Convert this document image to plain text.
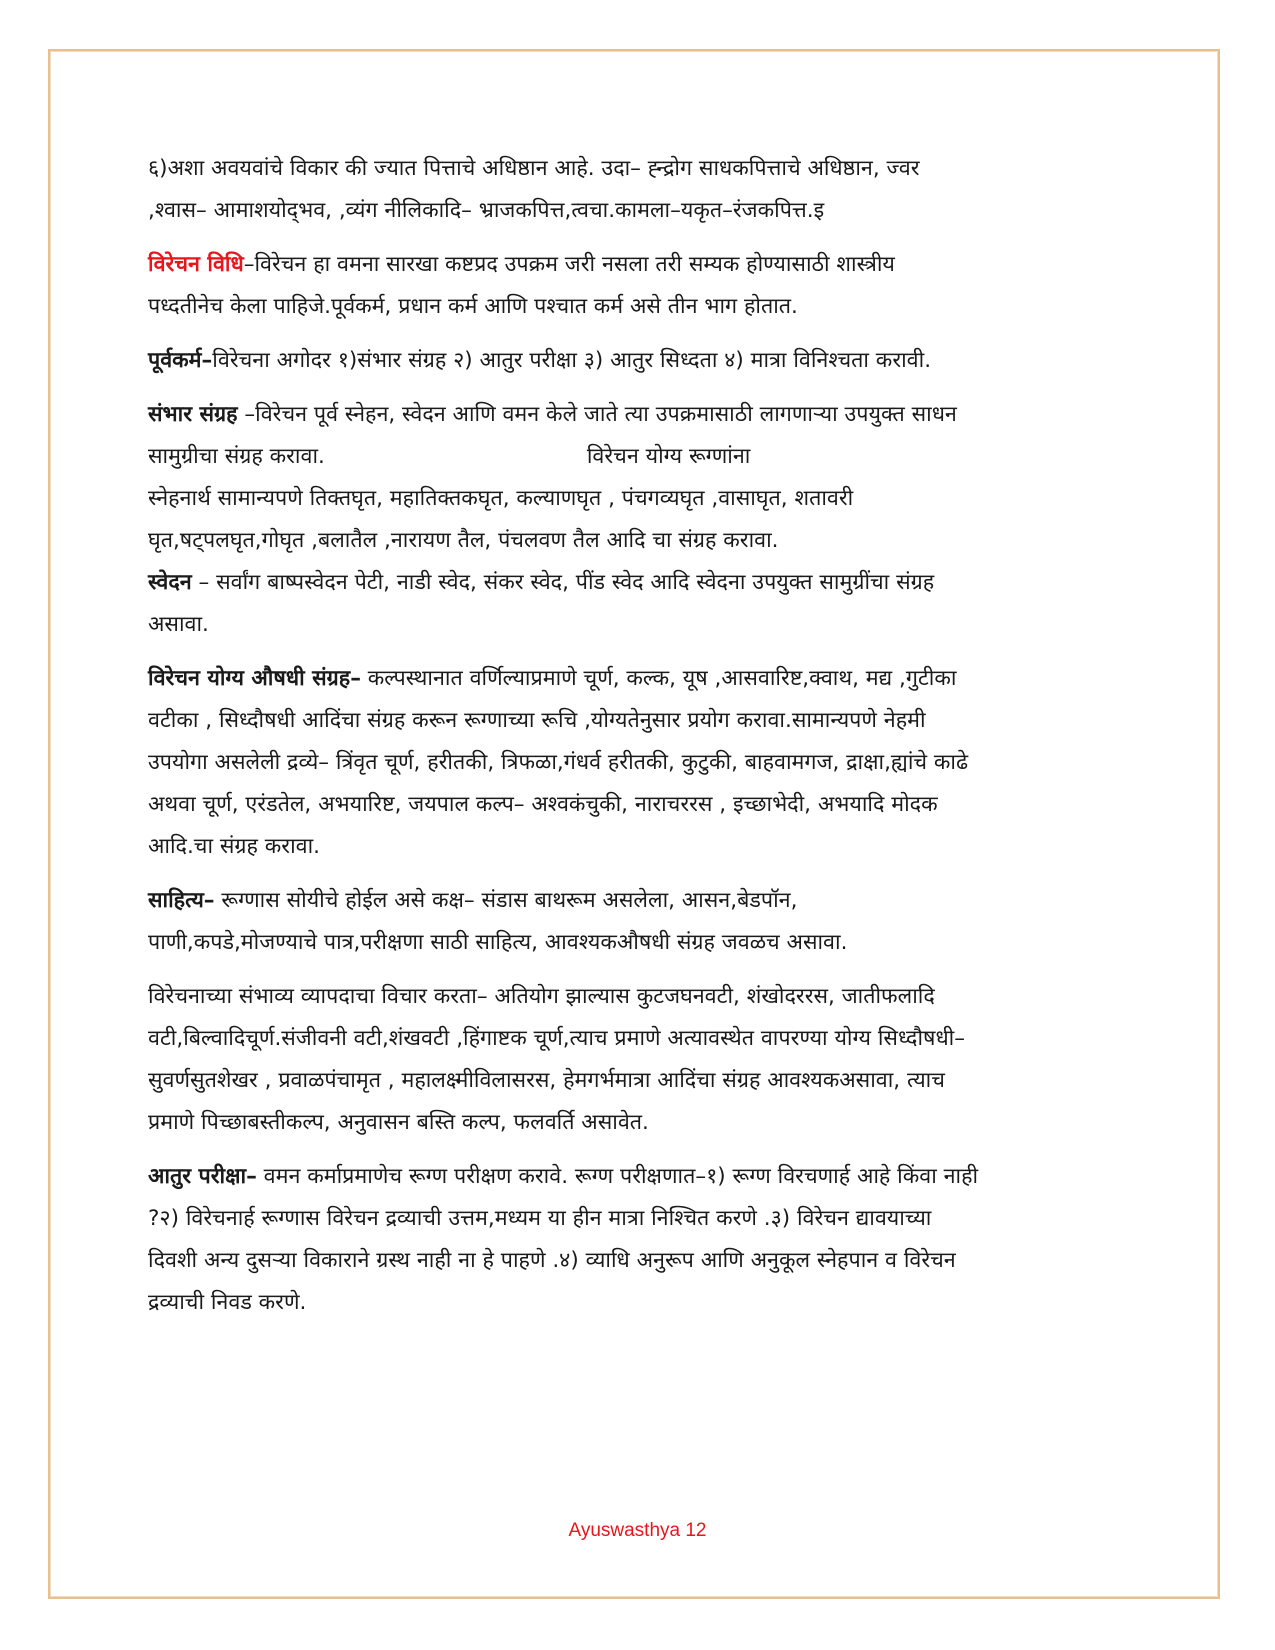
६)अशा अवयवांचे विकार की ज्यात पित्ताचे अधिष्ठान आहे. उदा– ह्न्द्रोग साधकपित्ताचे अधिष्ठान, ज्वर
,श्वास– आमाशयोद्‌भव, ,व्यंग नीलिकादि– भ्राजकपित्त,त्वचा.कामला–यकृत–रंजकपित्त.इ
विरेचन विधि–विरेचन हा वमना सारखा कष्टप्रद उपक्रम जरी नसला तरी सम्यक होण्यासाठी शास्त्रीय
पध्दतीनेच केला पाहिजे.पूर्वकर्म, प्रधान कर्म आणि पश्चात कर्म असे तीन भाग होतात.
पूर्वकर्म–विरेचना अगोदर १)संभार संग्रह २) आतुर परीक्षा ३) आतुर सिध्दता ४) मात्रा विनिश्चता करावी.
संभार संग्रह –विरेचन पूर्व स्नेहन, स्वेदन आणि वमन केले जाते त्या उपक्रमासाठी लागणाऱ्या उपयुक्त साधन
सामुग्रीचा संग्रह करावा.	विरेचन योग्य रूग्णांना
स्नेहनार्थ सामान्यपणे तिक्तघृत, महातिक्तकघृत, कल्याणघृत , पंचगव्यघृत ,वासाघृत, शतावरी
घृत,षट्पलघृत,गोघृत ,बलातैल ,नारायण तैल, पंचलवण तैल आदि चा संग्रह करावा.
स्वेदन – सर्वांग बाष्पस्वेदन पेटी, नाडी स्वेद, संकर स्वेद, पींड स्वेद आदि स्वेदना उपयुक्त सामुग्रींचा संग्रह
असावा.
विरेचन योग्य औषधी संग्रह– कल्पस्थानात वर्णिल्याप्रमाणे चूर्ण, कल्क, यूष ,आसवारिष्ट,क्वाथ, मद्य ,गुटीका
वटीका , सिध्दौषधी आदिंचा संग्रह करून रूग्णाच्या रूचि ,योग्यतेनुसार प्रयोग करावा.सामान्यपणे नेहमी
उपयोगा असलेली द्रव्ये– त्रिंवृत चूर्ण, हरीतकी, त्रिफळा,गंधर्व हरीतकी, कुटुकी, बाहवामगज, द्राक्षा,ह्यांचे काढे
अथवा चूर्ण, एरंडतेल, अभयारिष्ट, जयपाल कल्प– अश्वकंचुकी, नाराचररस , इच्छाभेदी, अभयादि मोदक
आदि.चा संग्रह करावा.
साहित्य– रूग्णास सोयीचे होईल असे कक्ष– संडास बाथरूम असलेला, आसन,बेडपॉन,
पाणी,कपडे,मोजण्याचे पात्र,परीक्षणा साठी साहित्य, आवश्यकऔषधी संग्रह जवळच असावा.
विरेचनाच्या संभाव्य व्यापदाचा विचार करता– अतियोग झाल्यास कुटजघनवटी, शंखोदररस, जातीफलादि
वटी,बिल्वादिचूर्ण.संजीवनी वटी,शंखवटी ,हिंगाष्टक चूर्ण,त्याच प्रमाणे अत्यावस्थेत वापरण्या योग्य सिध्दौषधी–
सुवर्णसुतशेखर , प्रवाळपंचामृत , महालक्ष्मीविलासरस, हेमगर्भमात्रा आदिंचा संग्रह आवश्यकअसावा, त्याच
प्रमाणे पिच्छाबस्तीकल्प, अनुवासन बस्ति कल्प, फलवर्ति असावेत.
आतुर परीक्षा– वमन कर्माप्रमाणेच रूग्ण परीक्षण करावे. रूग्ण परीक्षणात–१) रूग्ण विरचणार्ह आहे किंवा नाही
?२) विरेचनार्ह रूग्णास विरेचन द्रव्याची उत्तम,मध्यम या हीन मात्रा निश्चित करणे .३) विरेचन द्यावयाच्या
दिवशी अन्य दुसऱ्या विकाराने ग्रस्थ नाही ना हे पाहणे .४) व्याधि अनुरूप आणि अनुकूल स्नेहपान व विरेचन
द्रव्याची निवड करणे.
Ayuswasthya 12
